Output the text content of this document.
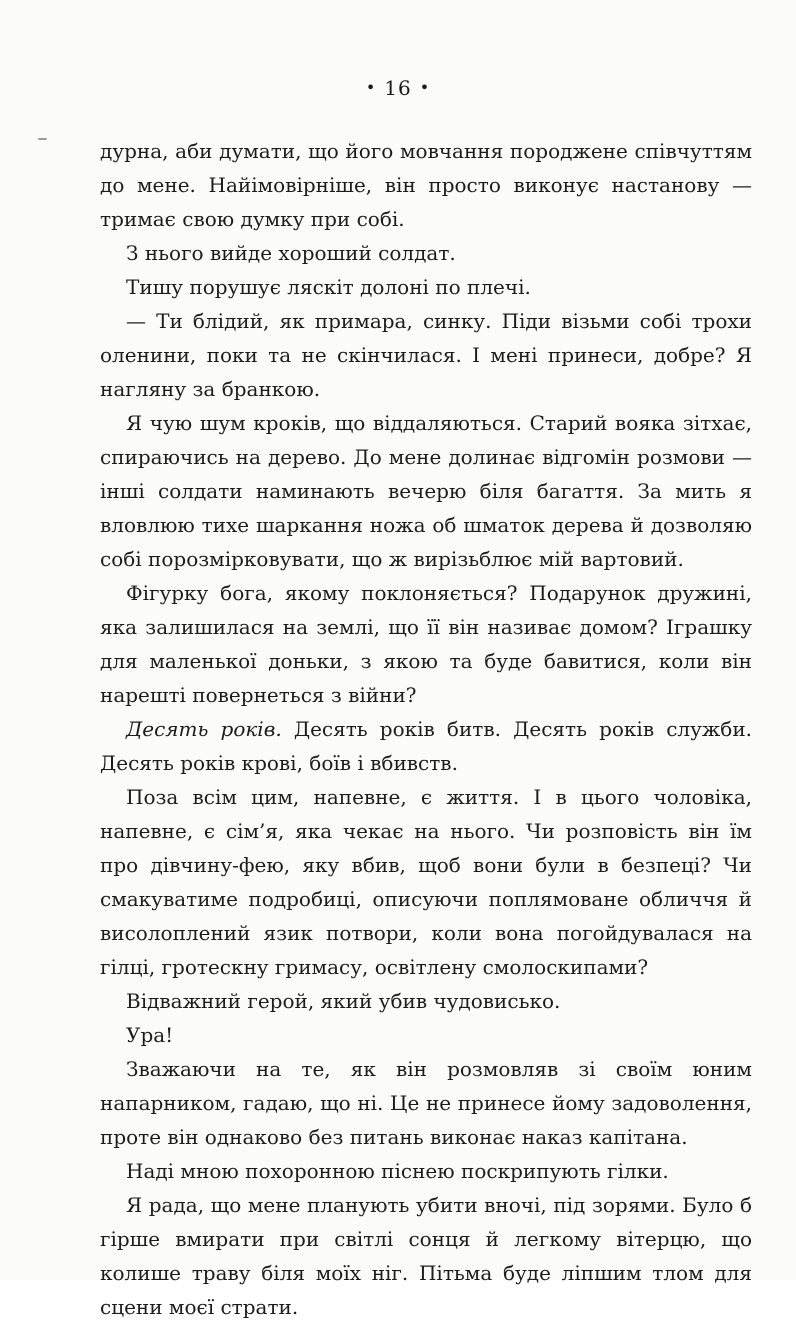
• 16 •

дурна, аби думати, що його мовчання породжене співчуттям до мене. Найімовірніше, він просто виконує настанову — тримає свою думку при собі.

З нього вийде хороший солдат.

Тишу порушує ляскіт долоні по плечі.

— Ти блідий, як примара, синку. Піди візьми собі трохи оленини, поки та не скінчилася. І мені принеси, добре? Я нагляну за бранкою.

Я чую шум кроків, що віддаляються. Старий вояка зітхає, спираючись на дерево. До мене долинає відгомін розмови — інші солдати наминають вечерю біля багаття. За мить я вловлюю тихе шаркання ножа об шматок дерева й дозволяю собі порозмірковувати, що ж вирізьблює мій вартовий.

Фігурку бога, якому поклоняється? Подарунок дружині, яка залишилася на землі, що її він називає домом? Іграшку для маленької доньки, з якою та буде бавитися, коли він нарешті повернеться з війни?

Десять років. Десять років битв. Десять років служби. Десять років крові, боїв і вбивств.

Поза всім цим, напевне, є життя. І в цього чоловіка, напевне, є сім’я, яка чекає на нього. Чи розповість він їм про дівчину-фею, яку вбив, щоб вони були в безпеці? Чи смакуватиме подробиці, описуючи поплямоване обличчя й висолоплений язик потвори, коли вона погойдувалася на гілці, гротескну гримасу, освітлену смолоскипами?

Відважний герой, який убив чудовисько.

Ура!

Зважаючи на те, як він розмовляв зі своїм юним напарником, гадаю, що ні. Це не принесе йому задоволення, проте він однаково без питань виконає наказ капітана.

Наді мною похоронною піснею поскрипують гілки.

Я рада, що мене планують убити вночі, під зорями. Було б гірше вмирати при світлі сонця й легкому вітерцю, що колише траву біля моїх ніг. Пітьма буде ліпшим тлом для сцени моєї страти.
